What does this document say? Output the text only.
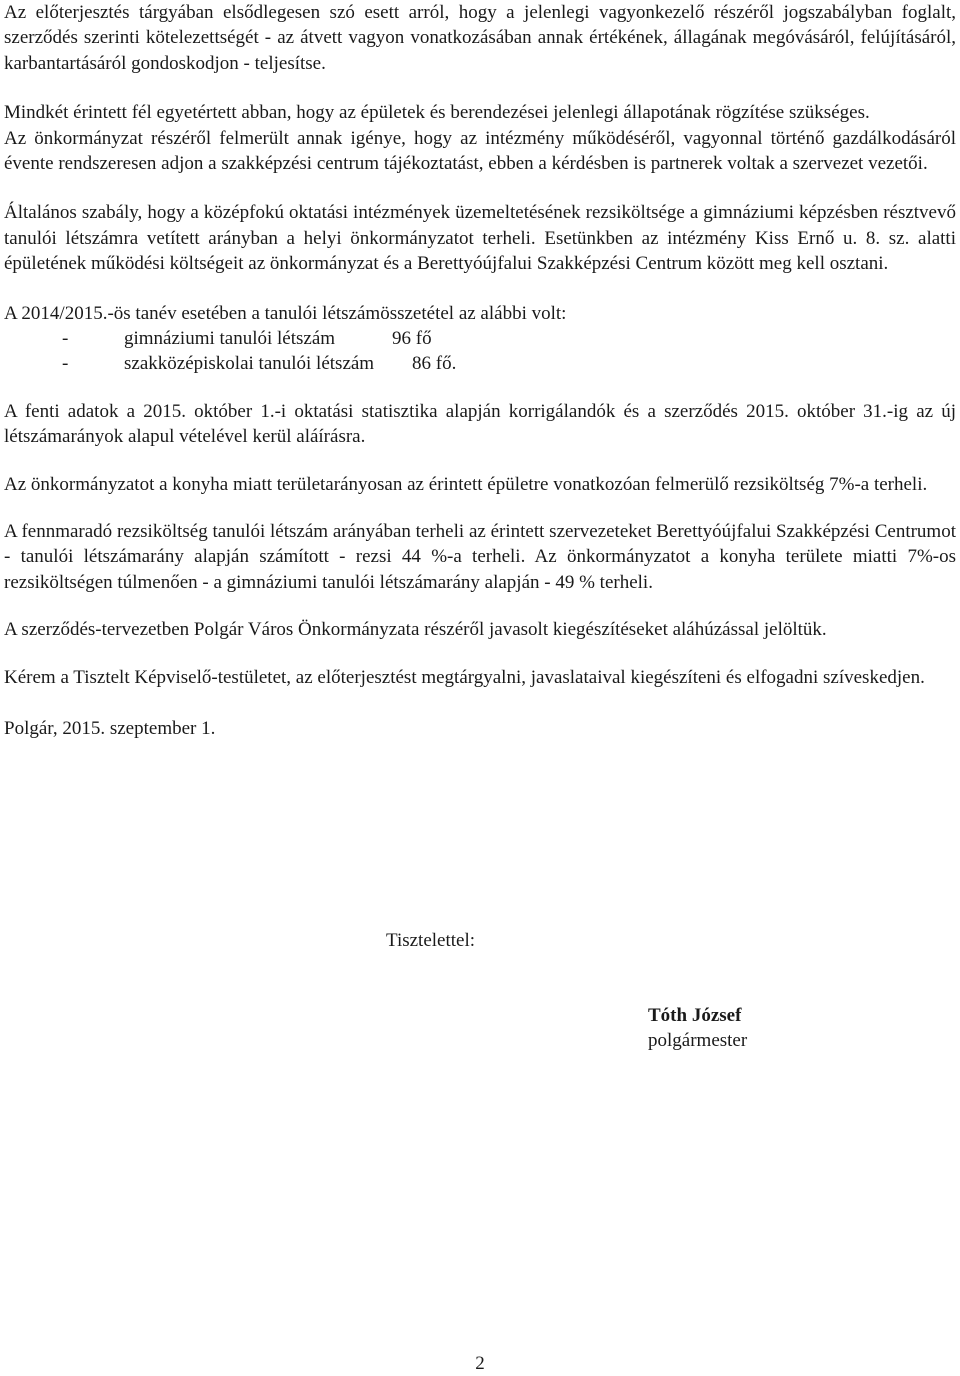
Az előterjesztés tárgyában elsődlegesen szó esett arról, hogy a jelenlegi vagyonkezelő részéről jogszabályban foglalt, szerződés szerinti kötelezettségét - az átvett vagyon vonatkozásában annak értékének, állagának megóvásáról, felújításáról, karbantartásáról gondoskodjon - teljesítse.

Mindkét érintett fél egyetértett abban, hogy az épületek és berendezései jelenlegi állapotának rögzítése szükséges.

Az önkormányzat részéről felmerült annak igénye, hogy az intézmény működéséről, vagyonnal történő gazdálkodásáról évente rendszeresen adjon a szakképzési centrum tájékoztatást, ebben a kérdésben is partnerek voltak a szervezet vezetői.

Általános szabály, hogy a középfokú oktatási intézmények üzemeltetésének rezsiköltsége a gimnáziumi képzésben résztvevő tanulói létszámra vetített arányban a helyi önkormányzatot terheli. Esetünkben az intézmény Kiss Ernő u. 8. sz. alatti épületének működési költségeit az önkormányzat és a Berettyóújfalui Szakképzési Centrum között meg kell osztani.

A 2014/2015.-ös tanév esetében a tanulói létszámösszetétel az alábbi volt:

-	gimnáziumi tanulói létszám	96 fő
-	szakközépiskolai tanulói létszám	86 fő.

A fenti adatok a 2015. október 1.-i oktatási statisztika alapján korrigálandók és a szerződés 2015. október 31.-ig az új létszámarányok alapul vételével kerül aláírásra.

Az önkormányzatot a konyha miatt területarányosan az érintett épületre vonatkozóan felmerülő rezsiköltség 7%-a terheli.

A fennmaradó rezsiköltség tanulói létszám arányában terheli az érintett szervezeteket Berettyóújfalui Szakképzési Centrumot - tanulói létszámarány alapján számított - rezsi 44 %-a terheli. Az önkormányzatot a konyha területe miatti 7%-os rezsiköltségen túlmenően - a gimnáziumi tanulói létszámarány alapján - 49 % terheli.

A szerződés-tervezetben Polgár Város Önkormányzata részéről javasolt kiegészítéseket aláhúzással jelöltük.

Kérem a Tisztelt Képviselő-testületet, az előterjesztést megtárgyalni, javaslataival kiegészíteni és elfogadni szíveskedjen.

Polgár, 2015. szeptember 1.

Tisztelettel:
Tóth József
polgármester
2
